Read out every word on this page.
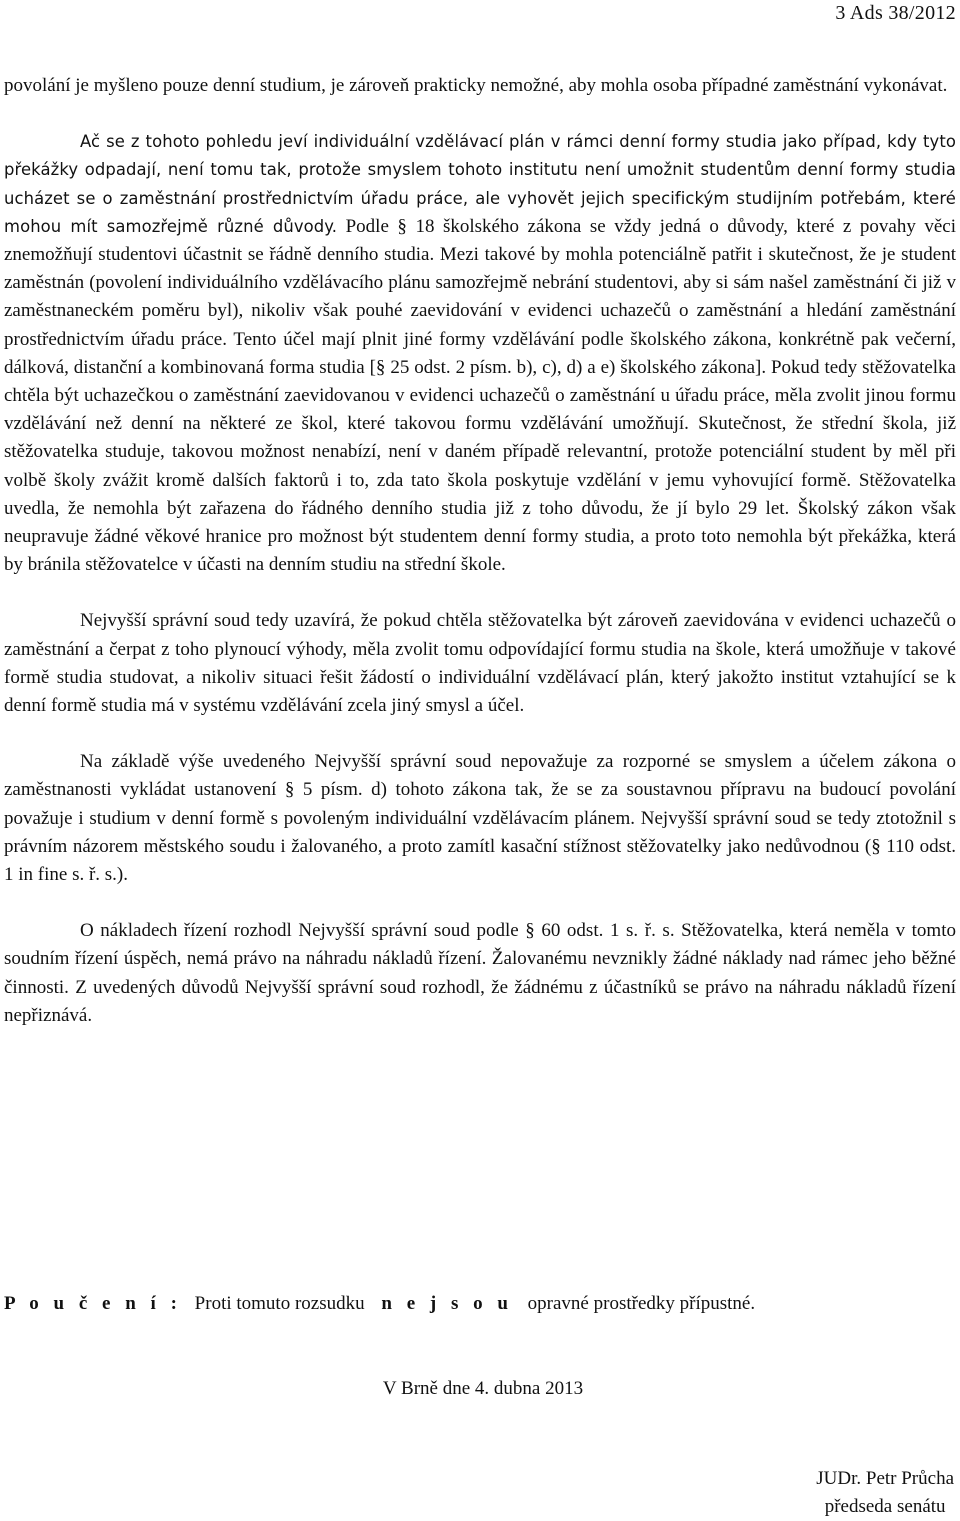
3 Ads 38/2012

povolání je myšleno pouze denní studium, je zároveň prakticky nemožné, aby mohla osoba případné zaměstnání vykonávat.

Ač se z tohoto pohledu jeví individuální vzdělávací plán v rámci denní formy studia jako případ, kdy tyto překážky odpadají, není tomu tak, protože smyslem tohoto institutu není umožnit studentům denní formy studia ucházet se o zaměstnání prostřednictvím úřadu práce, ale vyhovět jejich specifickým studijním potřebám, které mohou mít samozřejmě různé důvody. Podle § 18 školského zákona se vždy jedná o důvody, které z povahy věci znemožňují studentovi účastnit se řádně denního studia. Mezi takové by mohla potenciálně patřit i skutečnost, že je student zaměstnán (povolení individuálního vzdělávacího plánu samozřejmě nebrání studentovi, aby si sám našel zaměstnání či již v zaměstnaneckém poměru byl), nikoliv však pouhé zaevidování v evidenci uchazečů o zaměstnání a hledání zaměstnání prostřednictvím úřadu práce. Tento účel mají plnit jiné formy vzdělávání podle školského zákona, konkrétně pak večerní, dálková, distanční a kombinovaná forma studia [§ 25 odst. 2 písm. b), c), d) a e) školského zákona]. Pokud tedy stěžovatelka chtěla být uchazečkou o zaměstnání zaevidovanou v evidenci uchazečů o zaměstnání u úřadu práce, měla zvolit jinou formu vzdělávání než denní na některé ze škol, které takovou formu vzdělávání umožňují. Skutečnost, že střední škola, již stěžovatelka studuje, takovou možnost nenabízí, není v daném případě relevantní, protože potenciální student by měl při volbě školy zvážit kromě dalších faktorů i to, zda tato škola poskytuje vzdělání v jemu vyhovující formě. Stěžovatelka uvedla, že nemohla být zařazena do řádného denního studia již z toho důvodu, že jí bylo 29 let. Školský zákon však neupravuje žádné věkové hranice pro možnost být studentem denní formy studia, a proto toto nemohla být překážka, která by bránila stěžovatelce v účasti na denním studiu na střední škole.

Nejvyšší správní soud tedy uzavírá, že pokud chtěla stěžovatelka být zároveň zaevidována v evidenci uchazečů o zaměstnání a čerpat z toho plynoucí výhody, měla zvolit tomu odpovídající formu studia na škole, která umožňuje v takové formě studia studovat, a nikoliv situaci řešit žádostí o individuální vzdělávací plán, který jakožto institut vztahující se k denní formě studia má v systému vzdělávání zcela jiný smysl a účel.

Na základě výše uvedeného Nejvyšší správní soud nepovažuje za rozporné se smyslem a účelem zákona o zaměstnanosti vykládat ustanovení § 5 písm. d) tohoto zákona tak, že se za soustavnou přípravu na budoucí povolání považuje i studium v denní formě s povoleným individuální vzdělávacím plánem. Nejvyšší správní soud se tedy ztotožnil s právním názorem městského soudu i žalovaného, a proto zamítl kasační stížnost stěžovatelky jako nedůvodnou (§ 110 odst. 1 in fine s. ř. s.).

O nákladech řízení rozhodl Nejvyšší správní soud podle § 60 odst. 1 s. ř. s. Stěžovatelka, která neměla v tomto soudním řízení úspěch, nemá právo na náhradu nákladů řízení. Žalovanému nevznikly žádné náklady nad rámec jeho běžné činnosti. Z uvedených důvodů Nejvyšší správní soud rozhodl, že žádnému z účastníků se právo na náhradu nákladů řízení nepřiznává.

P o u č e n í : Proti tomuto rozsudku n e j s o u opravné prostředky přípustné.
V Brně dne 4. dubna 2013
JUDr. Petr Průcha
předseda senátu
